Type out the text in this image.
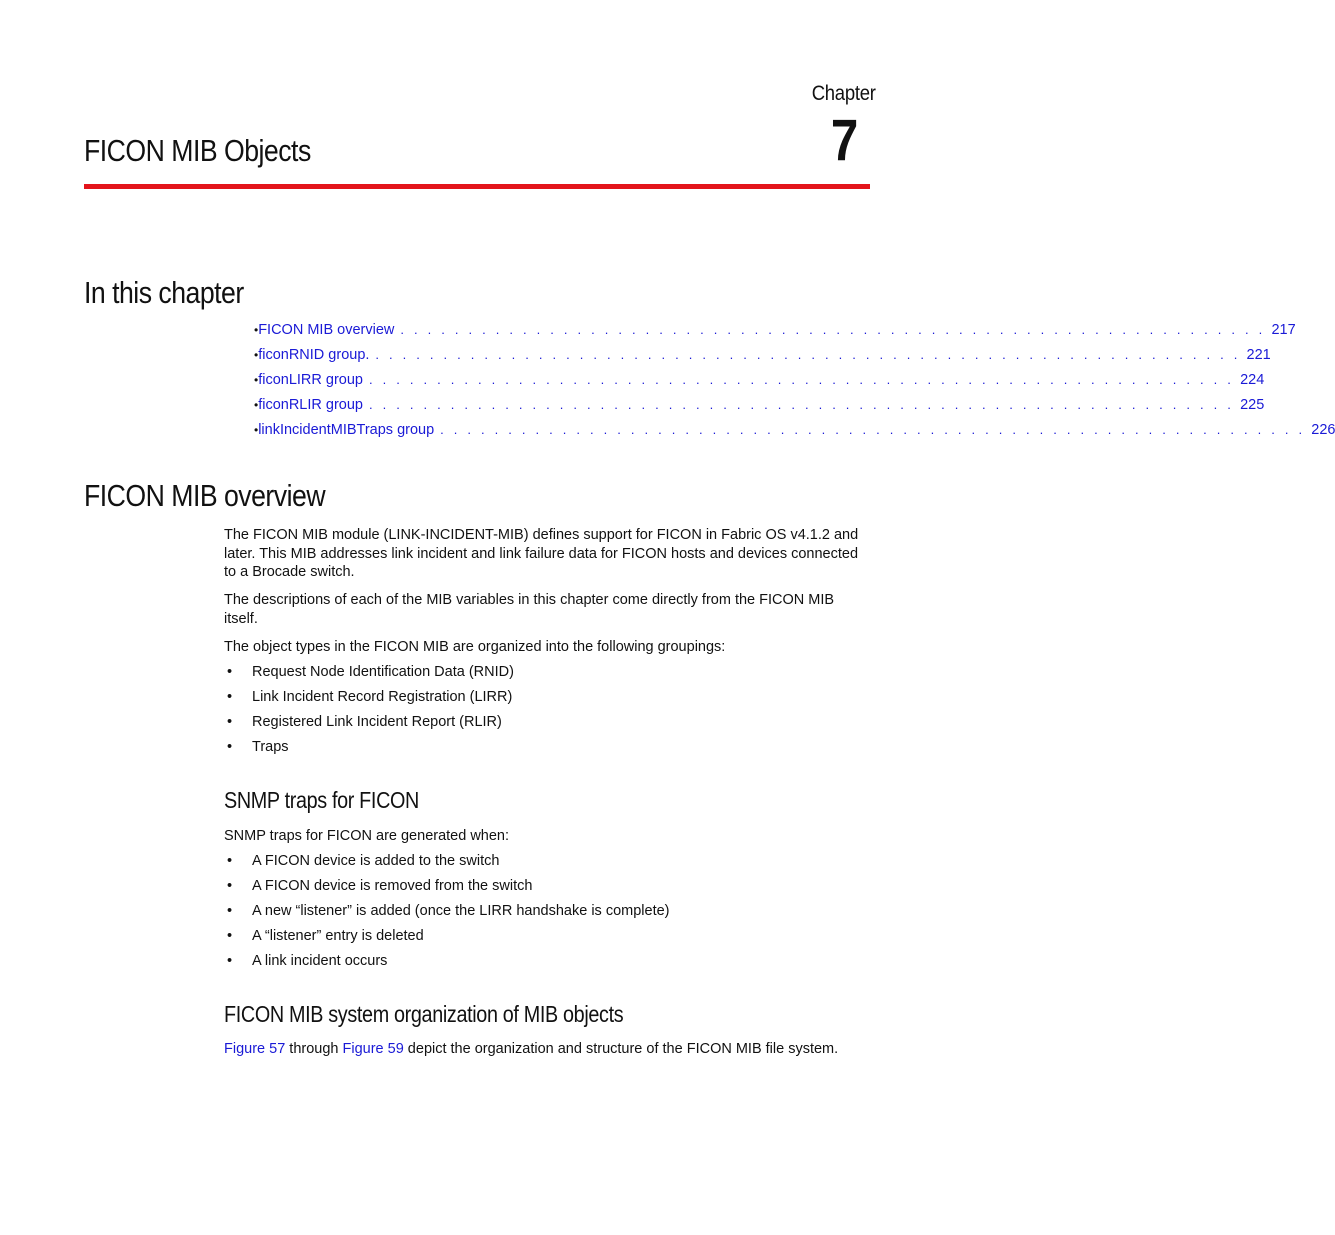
Chapter
7
FICON MIB Objects
In this chapter
• FICON MIB overview . . . . . . . . . . . . . . . . . . . . . . . . . . . . . . . . . . . . . . . . . . . . . . . . . . . . . . . . . . . . . . . . 217
• ficonRNID group. . . . . . . . . . . . . . . . . . . . . . . . . . . . . . . . . . . . . . . . . . . . . . . . . . . . . . . . . . . . . . . . . 221
• ficonLIRR group . . . . . . . . . . . . . . . . . . . . . . . . . . . . . . . . . . . . . . . . . . . . . . . . . . . . . . . . . . . . . . . . 224
• ficonRLIR group . . . . . . . . . . . . . . . . . . . . . . . . . . . . . . . . . . . . . . . . . . . . . . . . . . . . . . . . . . . . . . . . 225
• linkIncidentMIBTraps group . . . . . . . . . . . . . . . . . . . . . . . . . . . . . . . . . . . . . . . . . . . . . . . . . . . . . . . . . . . . . . . . 226
FICON MIB overview
The FICON MIB module (LINK-INCIDENT-MIB) defines support for FICON in Fabric OS v4.1.2 and later. This MIB addresses link incident and link failure data for FICON hosts and devices connected to a Brocade switch.
The descriptions of each of the MIB variables in this chapter come directly from the FICON MIB itself.
The object types in the FICON MIB are organized into the following groupings:
•	Request Node Identification Data (RNID)
•	Link Incident Record Registration (LIRR)
•	Registered Link Incident Report (RLIR)
•	Traps
SNMP traps for FICON
SNMP traps for FICON are generated when:
•	A FICON device is added to the switch
•	A FICON device is removed from the switch
•	A new “listener” is added (once the LIRR handshake is complete)
•	A “listener” entry is deleted
•	A link incident occurs
FICON MIB system organization of MIB objects
Figure 57 through Figure 59 depict the organization and structure of the FICON MIB file system.
